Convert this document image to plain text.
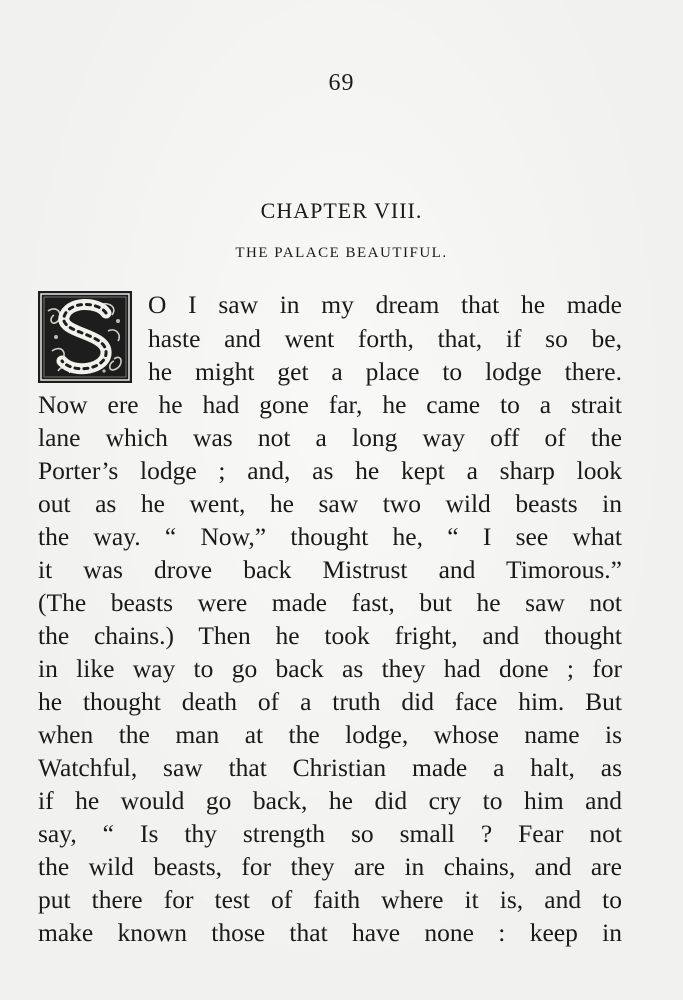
69
CHAPTER VIII.
THE PALACE BEAUTIFUL.
O I saw in my dream that he made
haste and went forth, that, if so be,
he might get a place to lodge there.
Now ere he had gone far, he came to a strait
lane which was not a long way off of the
Porter’s lodge ; and, as he kept a sharp look
out as he went, he saw two wild beasts in
the way. “ Now,” thought he, “ I see what
it was drove back Mistrust and Timorous.”
(The beasts were made fast, but he saw not
the chains.) Then he took fright, and thought
in like way to go back as they had done ; for
he thought death of a truth did face him. But
when the man at the lodge, whose name is
Watchful, saw that Christian made a halt, as
if he would go back, he did cry to him and
say, “ Is thy strength so small ? Fear not
the wild beasts, for they are in chains, and are
put there for test of faith where it is, and to
make known those that have none : keep in
